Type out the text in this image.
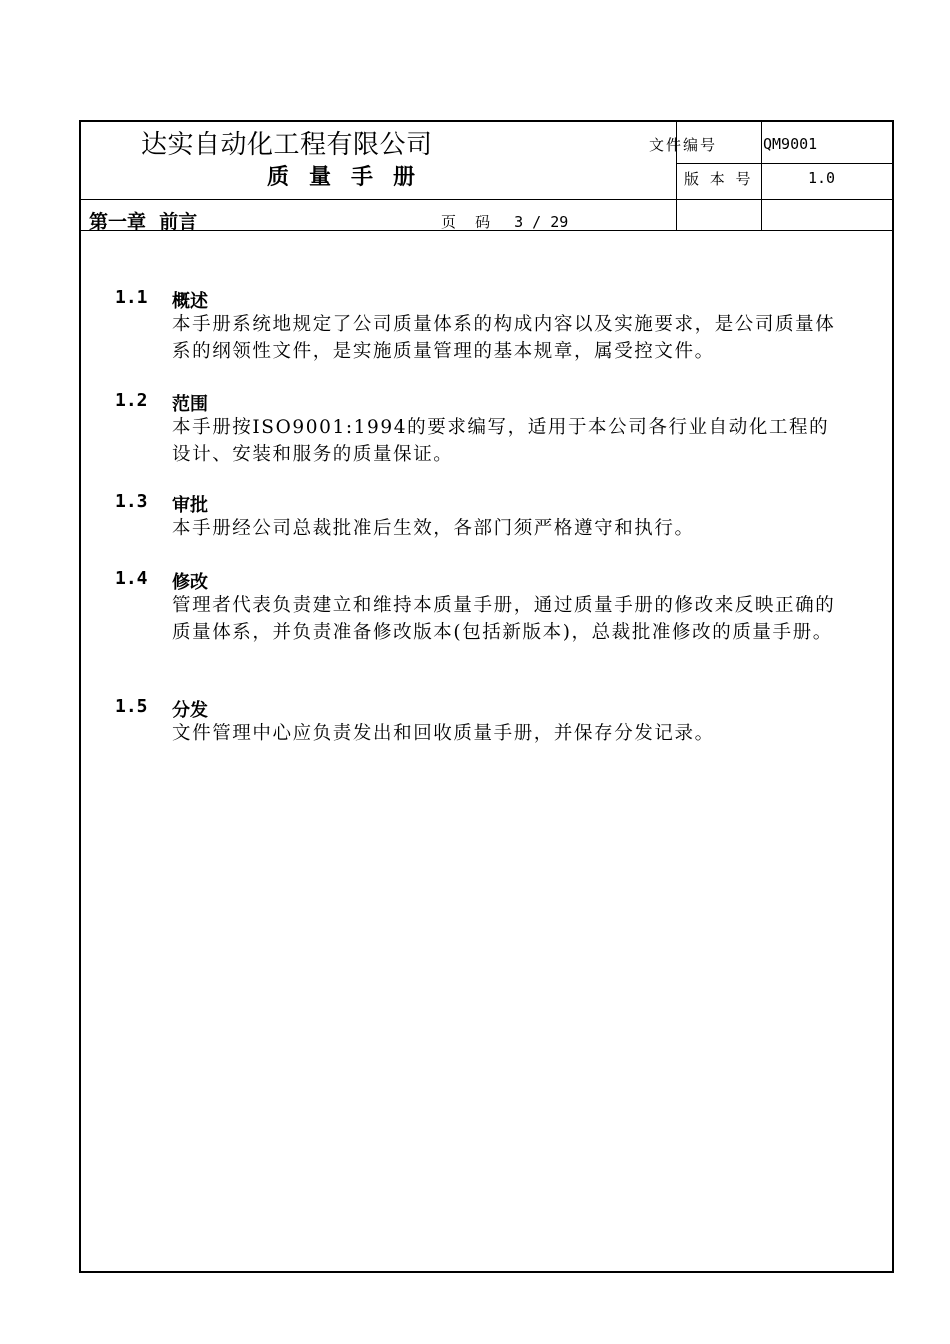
达实自动化工程有限公司
质量手册
文件编号	QM9001
版 本 号	1.0
第一章  前言	页    码 3 / 29
1.1 概述
本手册系统地规定了公司质量体系的构成内容以及实施要求，是公司质量体系的纲领性文件，是实施质量管理的基本规章，属受控文件。
1.2 范围
本手册按ISO9001:1994的要求编写，适用于本公司各行业自动化工程的设计、安装和服务的质量保证。
1.3 审批
本手册经公司总裁批准后生效，各部门须严格遵守和执行。
1.4 修改
管理者代表负责建立和维持本质量手册，通过质量手册的修改来反映正确的质量体系，并负责准备修改版本(包括新版本)，总裁批准修改的质量手册。
1.5 分发
文件管理中心应负责发出和回收质量手册，并保存分发记录。
